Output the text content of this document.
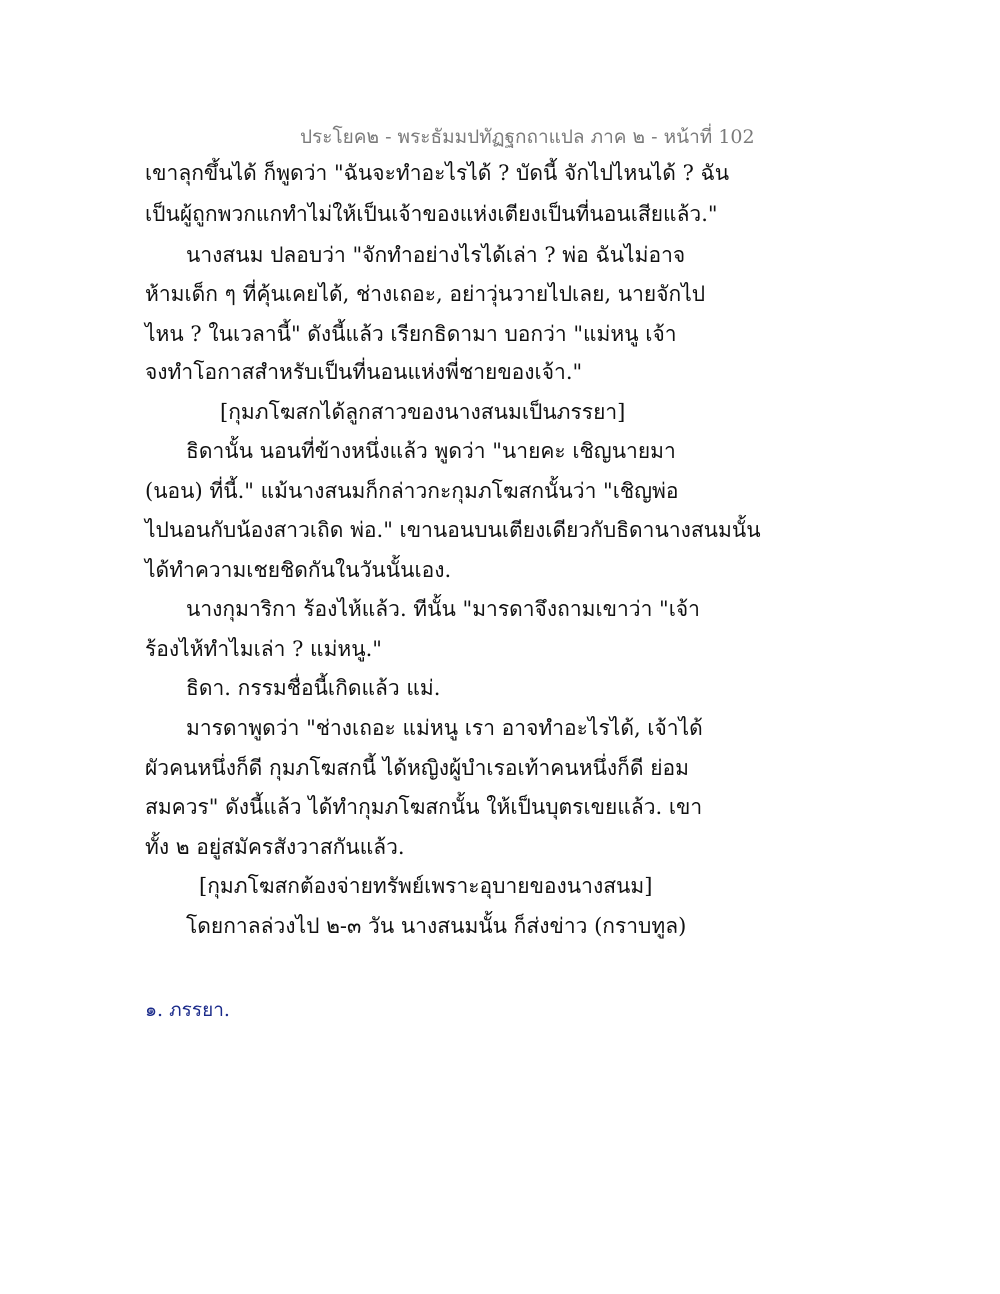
ประโยค๒ - พระธัมมปทัฏฐกถาแปล ภาค ๒ - หน้าที่ 102
เขาลุกขึ้นได้ ก็พูดว่า "ฉันจะทำอะไรได้ ? บัดนี้ จักไปไหนได้ ? ฉัน
เป็นผู้ถูกพวกแกทำไม่ให้เป็นเจ้าของแห่งเตียงเป็นที่นอนเสียแล้ว."
นางสนม ปลอบว่า "จักทำอย่างไรได้เล่า ? พ่อ ฉันไม่อาจ
ห้ามเด็ก ๆ ที่คุ้นเคยได้, ช่างเถอะ, อย่าวุ่นวายไปเลย, นายจักไป
ไหน ? ในเวลานี้" ดังนี้แล้ว เรียกธิดามา บอกว่า "แม่หนู เจ้า
จงทำโอกาสสำหรับเป็นที่นอนแห่งพี่ชายของเจ้า."
[กุมภโฆสกได้ลูกสาวของนางสนมเป็นภรรยา]
ธิดานั้น นอนที่ข้างหนึ่งแล้ว พูดว่า "นายคะ เชิญนายมา
(นอน) ที่นี้." แม้นางสนมก็กล่าวกะกุมภโฆสกนั้นว่า "เชิญพ่อ
ไปนอนกับน้องสาวเถิด พ่อ." เขานอนบนเตียงเดียวกับธิดานางสนมนั้น
ได้ทำความเชยชิดกันในวันนั้นเอง.
นางกุมาริกา ร้องไห้แล้ว. ทีนั้น "มารดาจึงถามเขาว่า "เจ้า
ร้องไห้ทำไมเล่า ? แม่หนู."
ธิดา. กรรมชื่อนี้เกิดแล้ว แม่.
มารดาพูดว่า "ช่างเถอะ แม่หนู เรา อาจทำอะไรได้, เจ้าได้
ผัวคนหนึ่งก็ดี กุมภโฆสกนี้ ได้หญิงผู้บำเรอเท้าคนหนึ่งก็ดี ย่อม
สมควร" ดังนี้แล้ว ได้ทำกุมภโฆสกนั้น ให้เป็นบุตรเขยแล้ว. เขา
ทั้ง ๒ อยู่สมัครสังวาสกันแล้ว.
[กุมภโฆสกต้องจ่ายทรัพย์เพราะอุบายของนางสนม]
โดยกาลล่วงไป ๒-๓ วัน นางสนมนั้น ก็ส่งข่าว (กราบทูล)
๑. ภรรยา.
